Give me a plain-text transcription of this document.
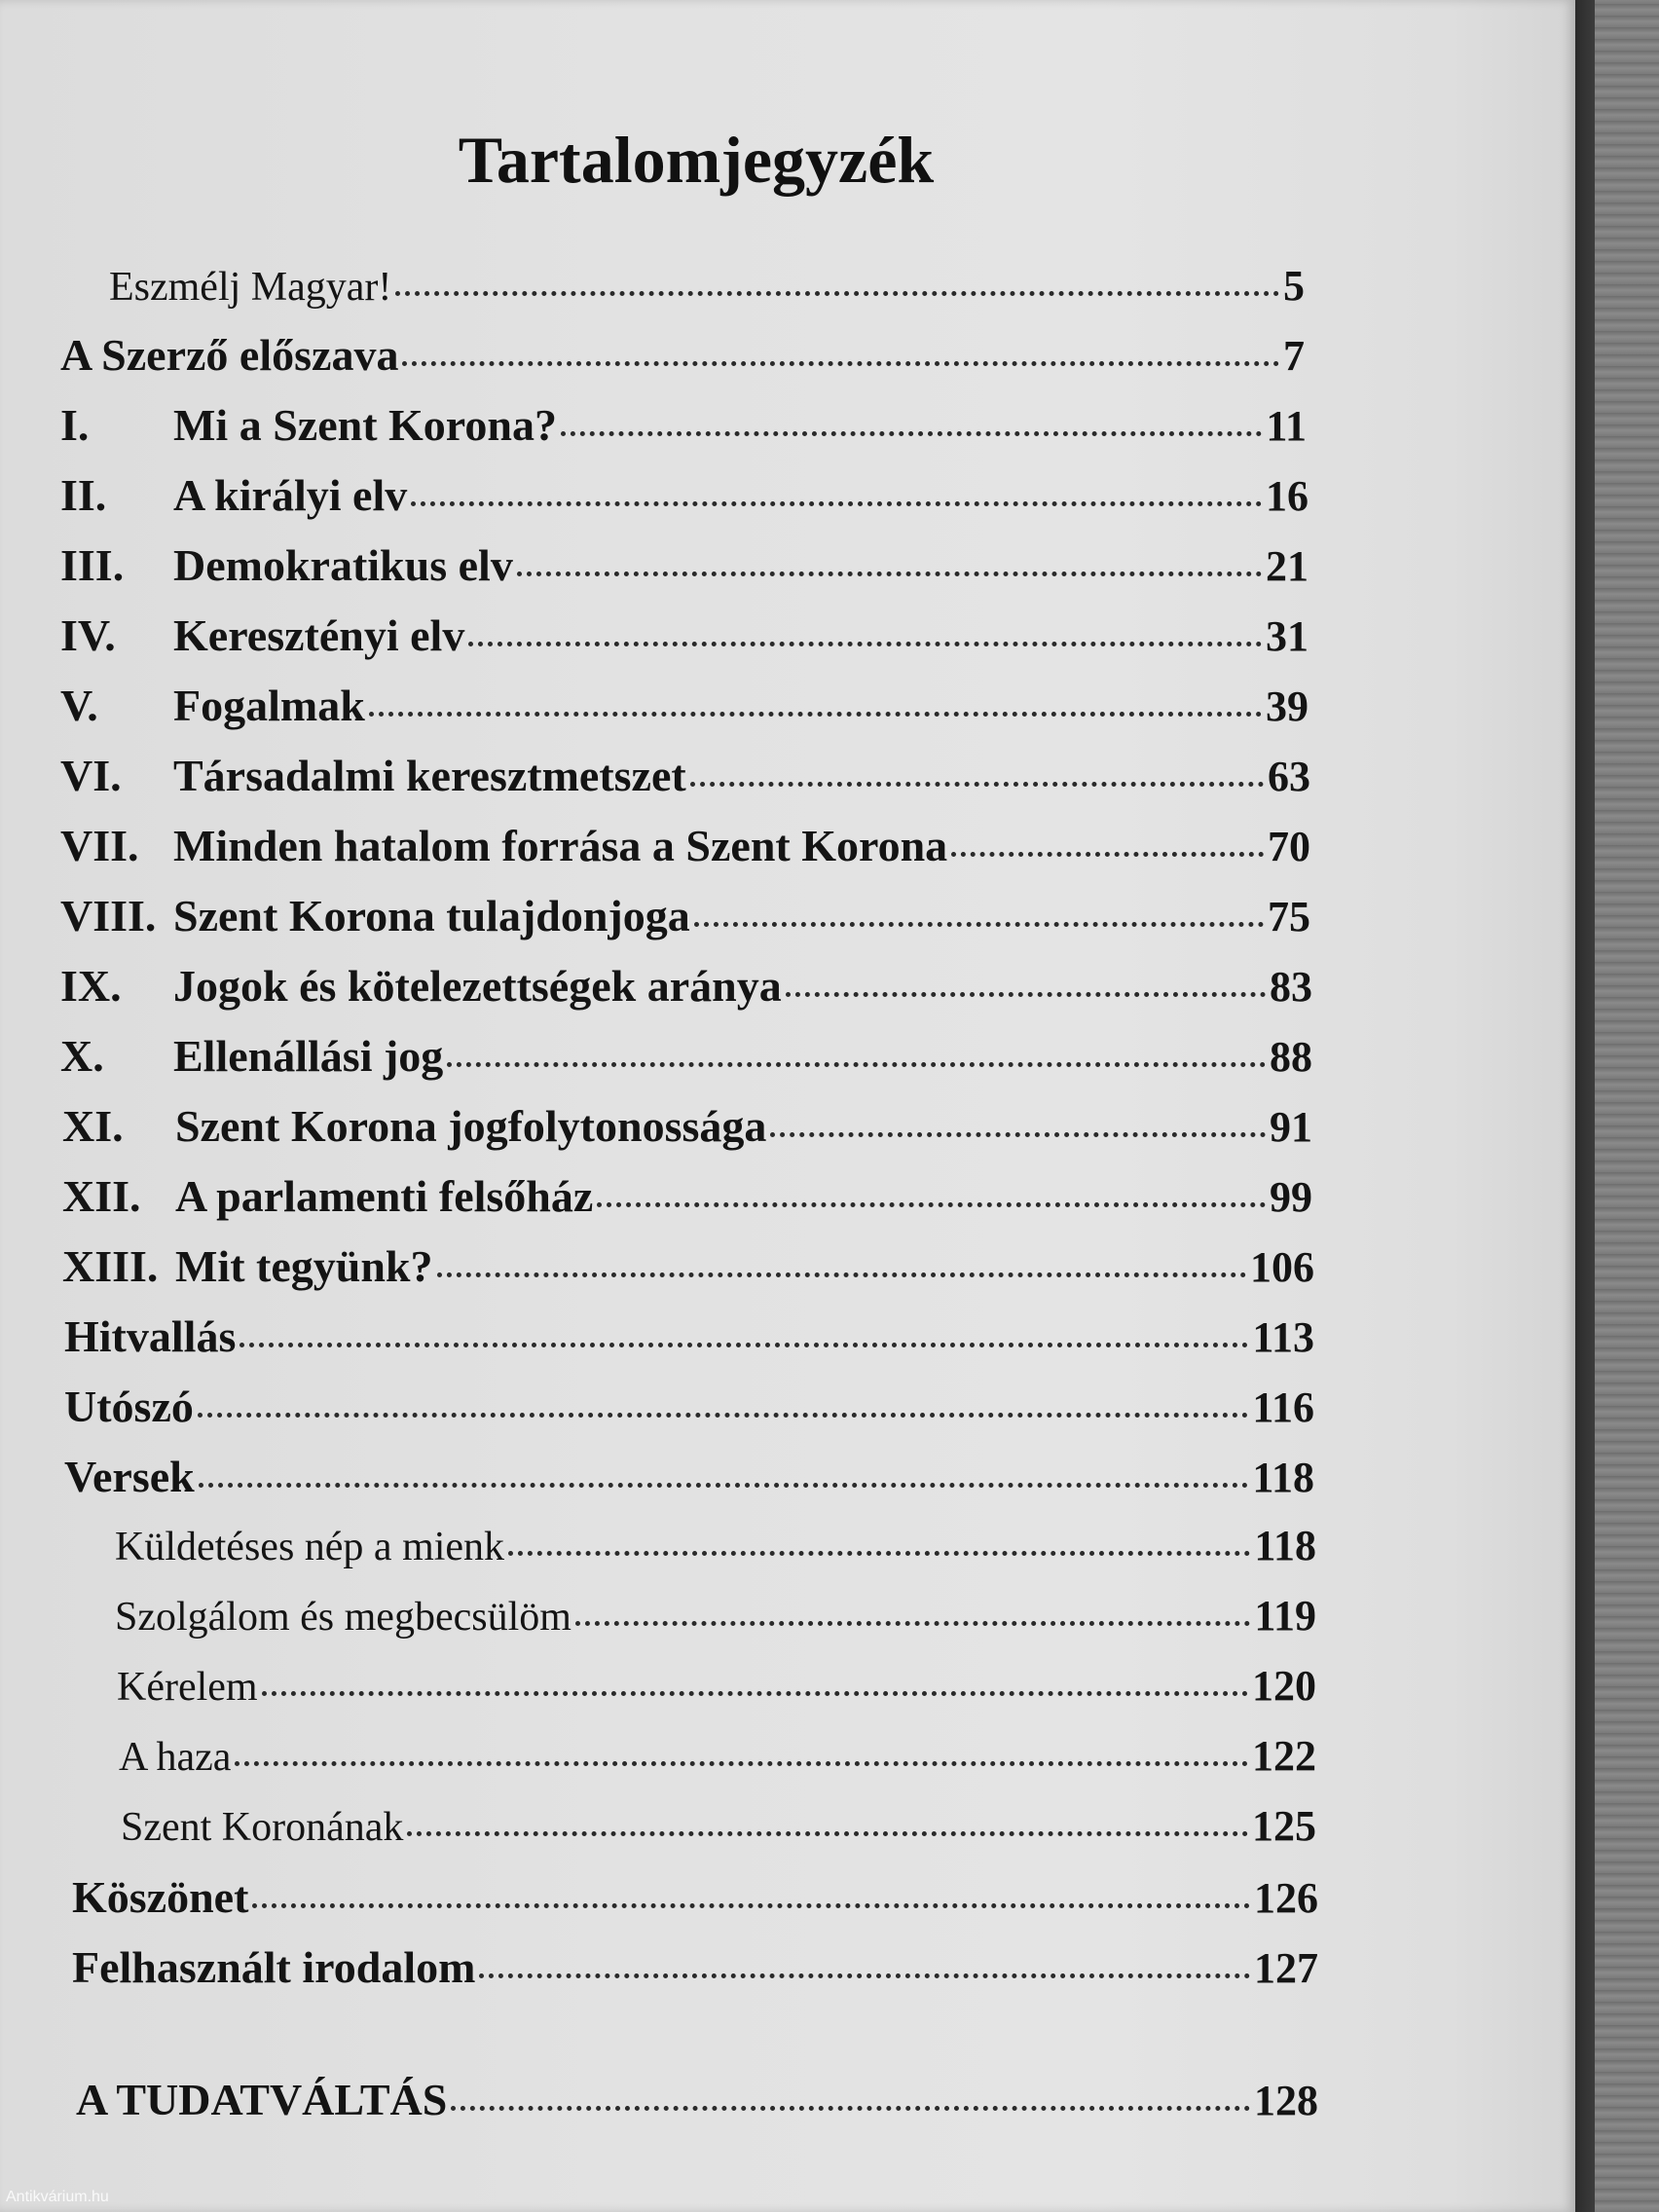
Tartalomjegyzék
Eszmélj Magyar!	5
A Szerző előszava	7
I.	Mi a Szent Korona?	11
II.	A királyi elv	16
III.	Demokratikus elv	21
IV.	Keresztényi elv	31
V.	Fogalmak	39
VI.	Társadalmi keresztmetszet	63
VII. Minden hatalom forrása a Szent Korona	70
VIII. Szent Korona tulajdonjoga	75
IX.	Jogok és kötelezettségek aránya	83
X.	Ellenállási jog	88
XI.	Szent Korona jogfolytonossága	91
XII. A parlamenti felsőház	99
XIII. Mit tegyünk?	106
Hitvallás	113
Utószó	116
Versek	118
Küldetéses nép a mienk	118
Szolgálom és megbecsülöm	119
Kérelem	120
A haza	122
Szent Koronának	125
Köszönet	126
Felhasznált irodalom	127
A TUDATVÁLTÁS	128
Antikvárium.hu
